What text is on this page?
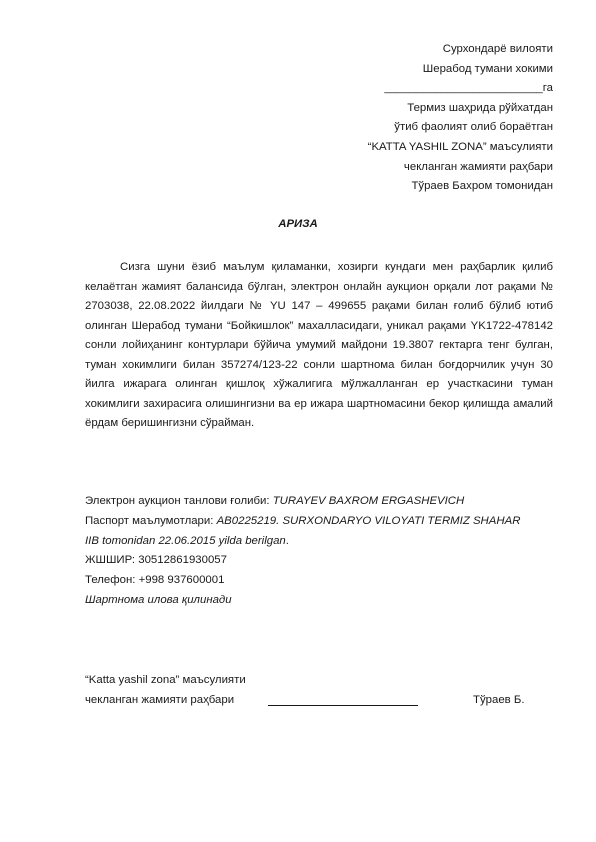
Сурхондарё вилояти
Шерабод тумани хокими
_________________________га
Термиз шаҳрида рўйхатдан
ўтиб фаолият олиб бораётган
“KATTA YASHIL ZONA” маъсулияти
чекланган жамияти раҳбари
Тўраев Бахром томонидан
АРИЗА
Сизга шуни ёзиб маълум қиламанки, хозирги кундаги мен раҳбарлик қилиб келаётган жамият балансида бўлган, электрон онлайн аукцион орқали лот рақами № 2703038, 22.08.2022 йилдаги № YU 147 – 499655 рақами билан ғолиб бўлиб ютиб олинган Шерабод тумани “Бойкишлок” махалласидаги, уникал рақами YK1722-478142 сонли лойиҳанинг контурлари бўйича умумий майдони 19.3807 гектарга тенг булган, туман хокимлиги билан 357274/123-22 сонли шартнома билан боғдорчилик учун 30 йилга ижарага олинган қишлоқ хўжалигига мўлжалланган ер участкасини туман хокимлиги захирасига олишингизни ва ер ижара шартномасини бекор қилишда амалий ёрдам беришингизни сўрайман.
Электрон аукцион танлови ғолиби: TURAYEV BAXROM ERGASHEVICH
Паспорт маълумотлари: AB0225219. SURXONDARYO VILOYATI TERMIZ SHAHAR
IIB tomonidan 22.06.2015 yilda berilgan.
ЖШШИР: 30512861930057
Телефон: +998 937600001
Шартнома илова қилинади
“Katta yashil zona” маъсулияти
чекланган жамияти раҳбари	Тўраев Б.
